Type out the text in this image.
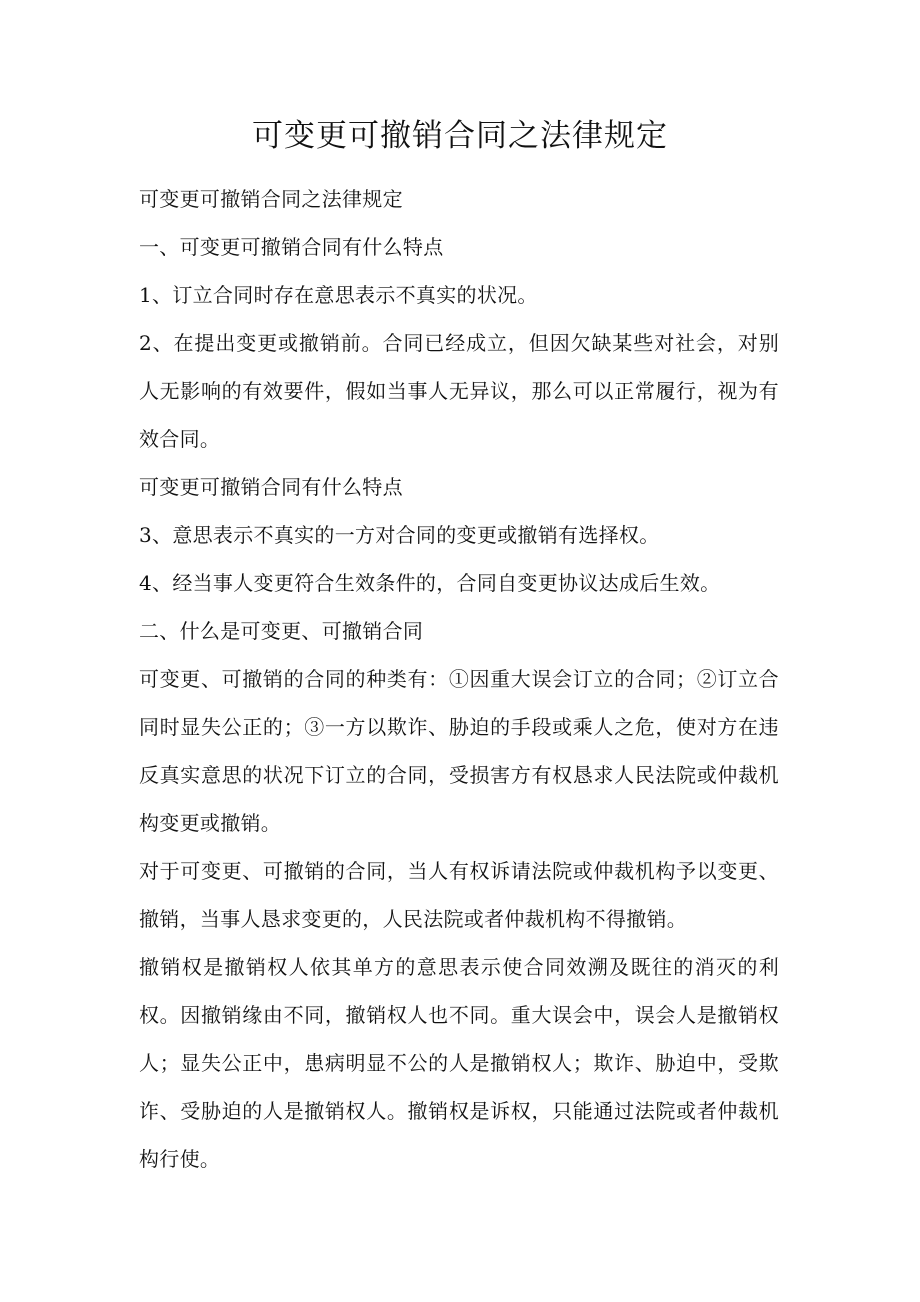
可变更可撤销合同之法律规定

可变更可撤销合同之法律规定

一、可变更可撤销合同有什么特点

1、订立合同时存在意思表示不真实的状况。

2、在提出变更或撤销前。合同已经成立，但因欠缺某些对社会，对别人无影响的有效要件，假如当事人无异议，那么可以正常履行，视为有效合同。

可变更可撤销合同有什么特点

3、意思表示不真实的一方对合同的变更或撤销有选择权。

4、经当事人变更符合生效条件的，合同自变更协议达成后生效。

二、什么是可变更、可撤销合同

可变更、可撤销的合同的种类有：①因重大误会订立的合同；②订立合同时显失公正的；③一方以欺诈、胁迫的手段或乘人之危，使对方在违反真实意思的状况下订立的合同，受损害方有权恳求人民法院或仲裁机构变更或撤销。

对于可变更、可撤销的合同，当人有权诉请法院或仲裁机构予以变更、撤销，当事人恳求变更的，人民法院或者仲裁机构不得撤销。

撤销权是撤销权人依其单方的意思表示使合同效溯及既往的消灭的利权。因撤销缘由不同，撤销权人也不同。重大误会中，误会人是撤销权人；显失公正中，患病明显不公的人是撤销权人；欺诈、胁迫中，受欺诈、受胁迫的人是撤销权人。撤销权是诉权，只能通过法院或者仲裁机构行使。
